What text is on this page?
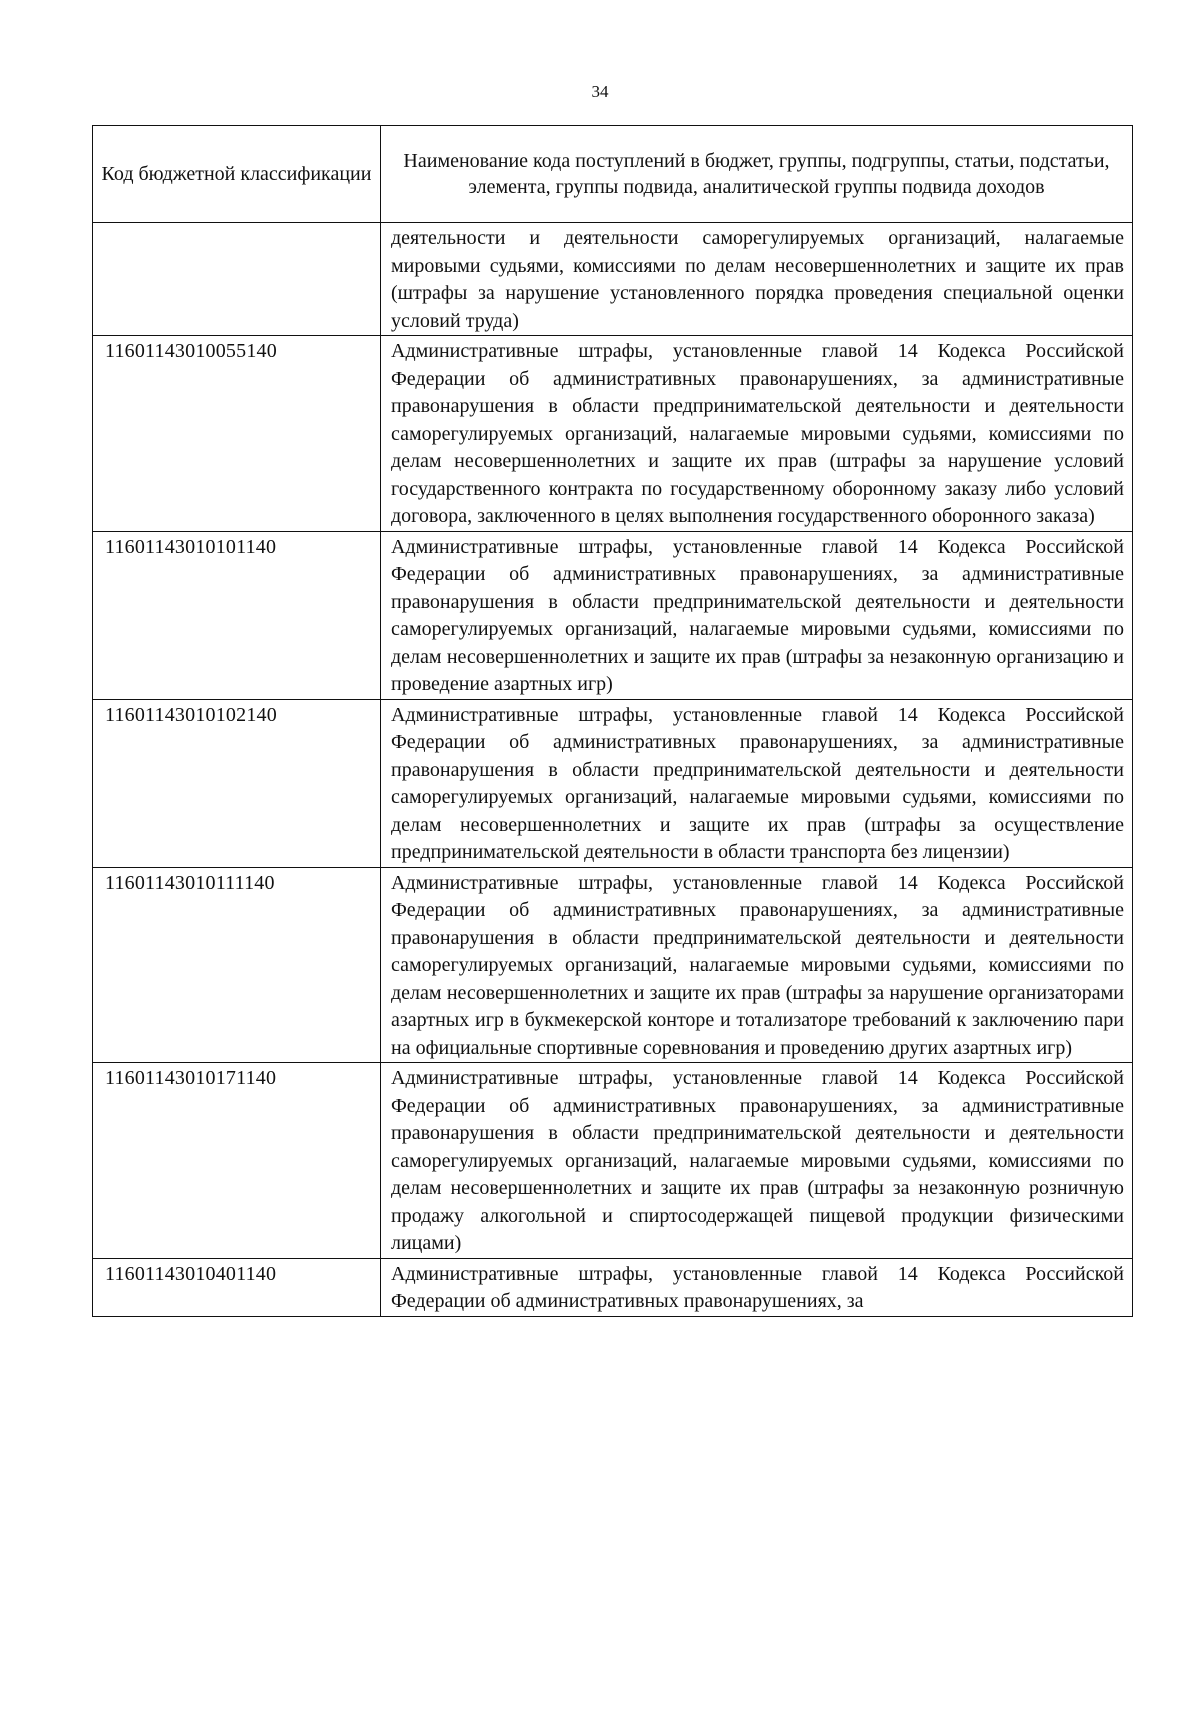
34
Код бюджетной классификации	Наименование кода поступлений в бюджет, группы, подгруппы, статьи, подстатьи, элемента, группы подвида, аналитической группы подвида доходов
	деятельности и деятельности саморегулируемых организаций, налагаемые мировыми судьями, комиссиями по делам несовершеннолетних и защите их прав (штрафы за нарушение установленного порядка проведения специальной оценки условий труда)
11601143010055140	Административные штрафы, установленные главой 14 Кодекса Российской Федерации об административных правонарушениях, за административные правонарушения в области предпринимательской деятельности и деятельности саморегулируемых организаций, налагаемые мировыми судьями, комиссиями по делам несовершеннолетних и защите их прав (штрафы за нарушение условий государственного контракта по государственному оборонному заказу либо условий договора, заключенного в целях выполнения государственного оборонного заказа)
11601143010101140	Административные штрафы, установленные главой 14 Кодекса Российской Федерации об административных правонарушениях, за административные правонарушения в области предпринимательской деятельности и деятельности саморегулируемых организаций, налагаемые мировыми судьями, комиссиями по делам несовершеннолетних и защите их прав (штрафы за незаконную организацию и проведение азартных игр)
11601143010102140	Административные штрафы, установленные главой 14 Кодекса Российской Федерации об административных правонарушениях, за административные правонарушения в области предпринимательской деятельности и деятельности саморегулируемых организаций, налагаемые мировыми судьями, комиссиями по делам несовершеннолетних и защите их прав (штрафы за осуществление предпринимательской деятельности в области транспорта без лицензии)
11601143010111140	Административные штрафы, установленные главой 14 Кодекса Российской Федерации об административных правонарушениях, за административные правонарушения в области предпринимательской деятельности и деятельности саморегулируемых организаций, налагаемые мировыми судьями, комиссиями по делам несовершеннолетних и защите их прав (штрафы за нарушение организаторами азартных игр в букмекерской конторе и тотализаторе требований к заключению пари на официальные спортивные соревнования и проведению других азартных игр)
11601143010171140	Административные штрафы, установленные главой 14 Кодекса Российской Федерации об административных правонарушениях, за административные правонарушения в области предпринимательской деятельности и деятельности саморегулируемых организаций, налагаемые мировыми судьями, комиссиями по делам несовершеннолетних и защите их прав (штрафы за незаконную розничную продажу алкогольной и спиртосодержащей пищевой продукции физическими лицами)
11601143010401140	Административные штрафы, установленные главой 14 Кодекса Российской Федерации об административных правонарушениях, за
